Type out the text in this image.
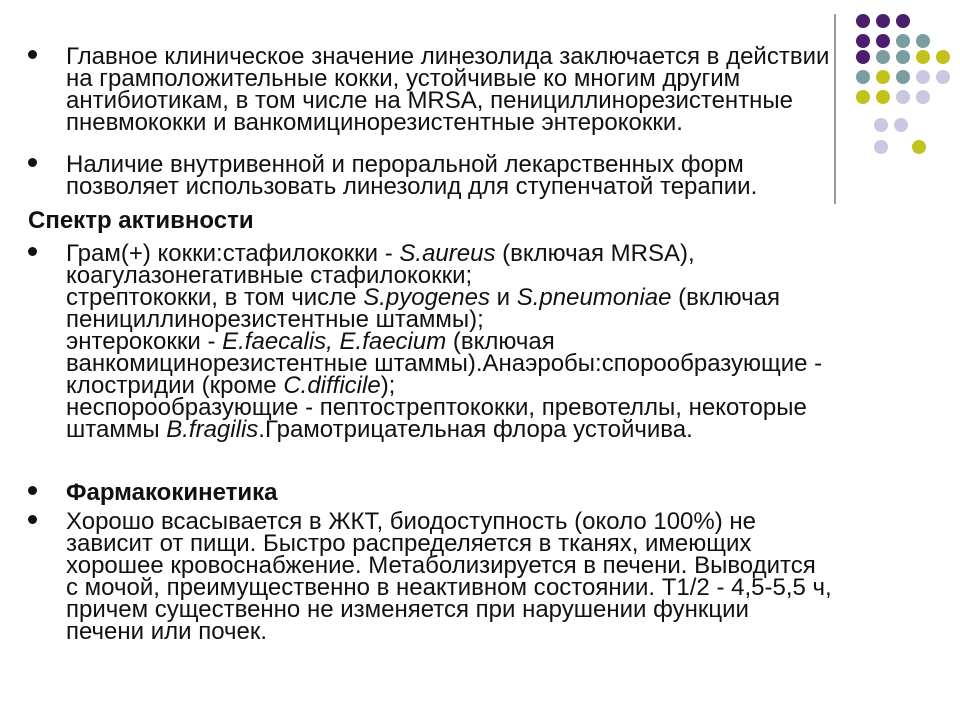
Главное клиническое значение линезолида заключается в действии
на грамположительные кокки, устойчивые ко многим другим
антибиотикам, в том числе на MRSA, пенициллинорезистентные
пневмококки и ванкомицинорезистентные энтерококки.

Наличие внутривенной и пероральной лекарственных форм
позволяет использовать линезолид для ступенчатой терапии.

Спектр активности

Грам(+) кокки:стафилококки - S.aureus (включая MRSA),
коагулазонегативные стафилококки;
стрептококки, в том числе S.pyogenes и S.pneumoniae (включая
пенициллинорезистентные штаммы);
энтерококки - E.faecalis, E.faecium (включая
ванкомицинорезистентные штаммы).Анаэробы:спорообразующие -
клостридии (кроме C.difficile);
неспорообразующие - пептострептококки, превотеллы, некоторые
штаммы B.fragilis.Грамотрицательная флора устойчива.

Фармакокинетика

Хорошо всасывается в ЖКТ, биодоступность (около 100%) не
зависит от пищи. Быстро распределяется в тканях, имеющих
хорошее кровоснабжение. Метаболизируется в печени. Выводится
с мочой, преимущественно в неактивном состоянии. T1/2 - 4,5-5,5 ч,
причем существенно не изменяется при нарушении функции
печени или почек.
